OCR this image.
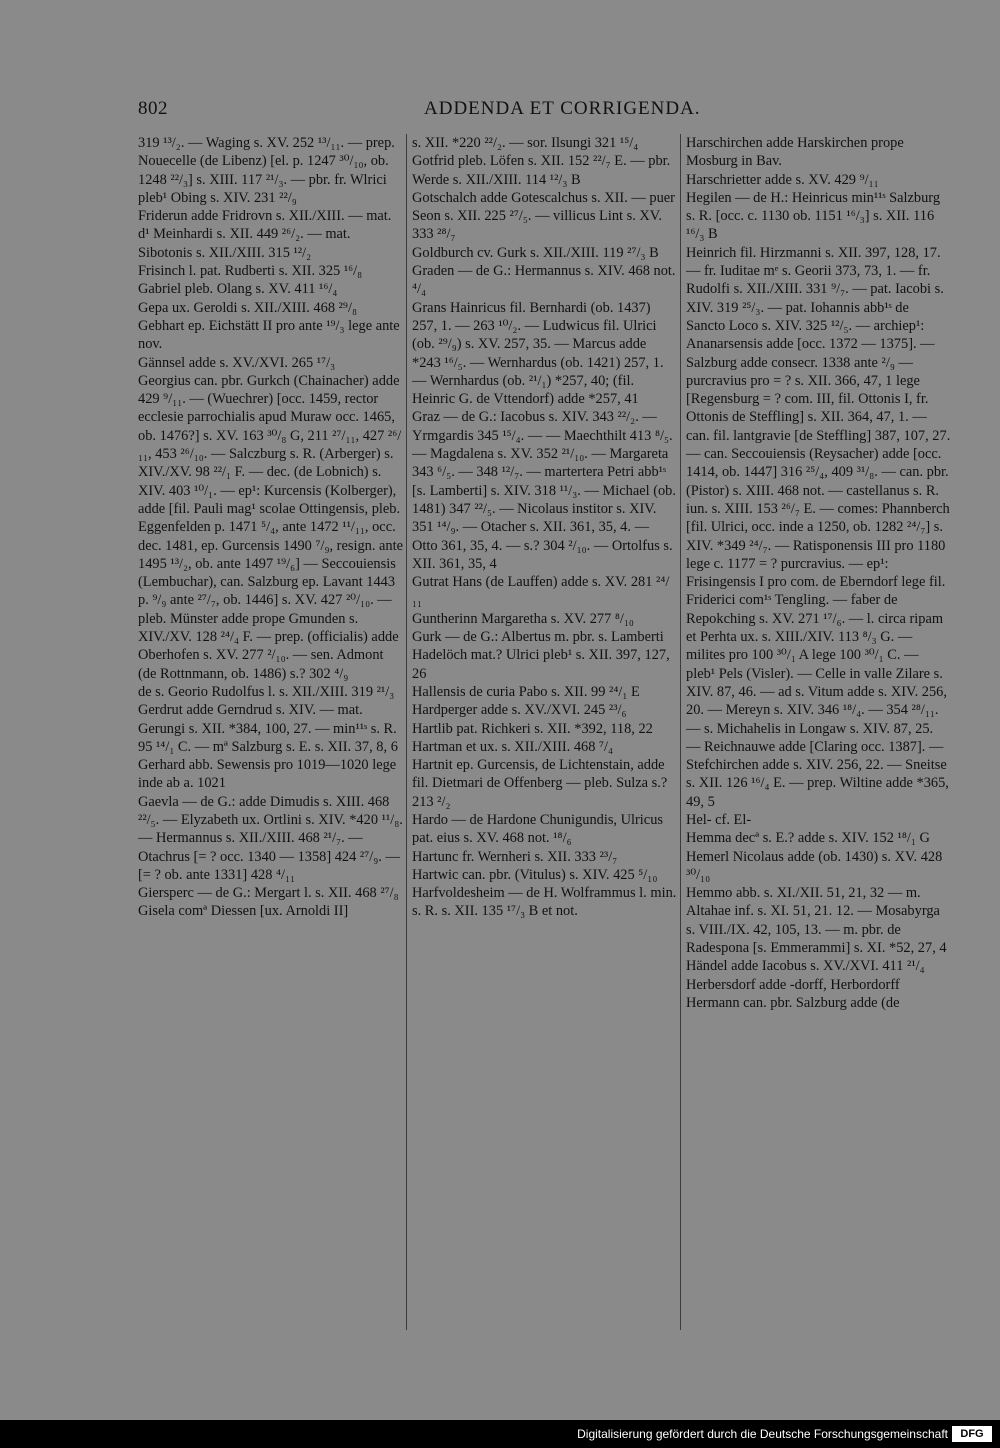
802	ADDENDA ET CORRIGENDA.

319 ¹³/₂. — Waging s. XV. 252 ¹³/₁₁. — prep. Nouecelle (de Libenz) [el. p. 1247 ³⁰/₁₀, ob. 1248 ²²/₃] s. XIII. 117 ²¹/₃. — pbr. fr. Wlrici pleb¹ Obing s. XIV. 231 ²²/₉

Friderun adde Fridrovn s. XII./XIII. — mat. d¹ Meinhardi s. XII. 449 ²⁶/₂. — mat. Sibotonis s. XII./XIII. 315 ¹²/₂

Frisinch l. pat. Rudberti s. XII. 325 ¹⁶/₈

Gabriel pleb. Olang s. XV. 411 ¹⁶/₄

Gepa ux. Geroldi s. XII./XIII. 468 ²⁹/₈

Gebhart ep. Eichstätt II pro ante ¹⁹/₃ lege ante nov.

Gännsel adde s. XV./XVI. 265 ¹⁷/₃

Georgius can. pbr. Gurkch (Chainacher) adde 429 ⁹/₁₁. — (Wuechrer) [occ. 1459, rector ecclesie parrochialis apud Muraw occ. 1465, ob. 1476?] s. XV. 163 ³⁰/₈ G, 211 ²⁷/₁₁, 427 ²⁶/₁₁, 453 ²⁶/₁₀. — Salczburg s. R. (Arberger) s. XIV./XV. 98 ²²/₁ F. — dec. (de Lobnich) s. XIV. 403 ¹⁰/₁. — ep¹: Kurcensis (Kolberger), adde [fil. Pauli mag¹ scolae Ottingensis, pleb. Eggenfelden p. 1471 ⁵/₄, ante 1472 ¹¹/₁₁, occ. dec. 1481, ep. Gurcensis 1490 ⁷/₉, resign. ante 1495 ¹³/₂, ob. ante 1497 ¹⁹/₆] — Seccouiensis (Lembuchar), can. Salzburg ep. Lavant 1443 p. ⁹/₉ ante ²⁷/₇, ob. 1446] s. XV. 427 ²⁰/₁₀. — pleb. Münster adde prope Gmunden s. XIV./XV. 128 ²⁴/₄ F. — prep. (officialis) adde Oberhofen s. XV. 277 ²/₁₀. — sen. Admont (de Rottnmann, ob. 1486) s.? 302 ⁴/₉

de s. Georio Rudolfus l. s. XII./XIII. 319 ²¹/₃

Gerdrut adde Gerndrud s. XIV. — mat. Gerungi s. XII. *384, 100, 27. — min¹¹ˢ s. R. 95 ¹⁴/₁ C. — mª Salzburg s. E. s. XII. 37, 8, 6

Gerhard abb. Sewensis pro 1019—1020 lege inde ab a. 1021

Gaevla — de G.: adde Dimudis s. XIII. 468 ²²/₅. — Elyzabeth ux. Ortlini s. XIV. *420 ¹¹/₈. — Hermannus s. XII./XIII. 468 ²¹/₇. — Otachrus [= ? occ. 1340 — 1358] 424 ²⁷/₉. — [= ? ob. ante 1331] 428 ⁴/₁₁

Giersperc — de G.: Mergart l. s. XII. 468 ²⁷/₈

Gisela comª Diessen [ux. Arnoldi II]

s. XII. *220 ²²/₂. — sor. Ilsungi 321 ¹⁵/₄

Gotfrid pleb. Löfen s. XII. 152 ²²/₇ E. — pbr. Werde s. XII./XIII. 114 ¹²/₃ B

Gotschalch adde Gotescalchus s. XII. — puer Seon s. XII. 225 ²⁷/₅. — villicus Lint s. XV. 333 ²⁸/₇

Goldburch cv. Gurk s. XII./XIII. 119 ²⁷/₃ B

Graden — de G.: Hermannus s. XIV. 468 not. ⁴/₄

Grans Hainricus fil. Bernhardi (ob. 1437) 257, 1. — 263 ¹⁰/₂. — Ludwicus fil. Ulrici (ob. ²⁹/₉) s. XV. 257, 35. — Marcus adde *243 ¹⁶/₅. — Wernhardus (ob. 1421) 257, 1. — Wernhardus (ob. ²¹/₁) *257, 40; (fil. Heinric G. de Vttendorf) adde *257, 41

Graz — de G.: Iacobus s. XIV. 343 ²²/₂. — Yrmgardis 345 ¹⁵/₄. — — Maechthilt 413 ⁸/₅. — Magdalena s. XV. 352 ²¹/₁₀. — Margareta 343 ⁶/₅. — 348 ¹²/₇. — martertera Petri abb¹ˢ [s. Lamberti] s. XIV. 318 ¹¹/₃. — Michael (ob. 1481) 347 ²²/₅. — Nicolaus institor s. XIV. 351 ¹⁴/₉. — Otacher s. XII. 361, 35, 4. — Otto 361, 35, 4. — s.? 304 ²/₁₀. — Ortolfus s. XII. 361, 35, 4

Gutrat Hans (de Lauffen) adde s. XV. 281 ²⁴/₁₁

Guntherinn Margaretha s. XV. 277 ⁸/₁₀

Gurk — de G.: Albertus m. pbr. s. Lamberti

Hadelöch mat.? Ulrici pleb¹ s. XII. 397, 127, 26

Hallensis de curia Pabo s. XII. 99 ²⁴/₁ E

Hardperger adde s. XV./XVI. 245 ²³/₆

Hartlib pat. Richkeri s. XII. *392, 118, 22

Hartman et ux. s. XII./XIII. 468 ⁷/₄

Hartnit ep. Gurcensis, de Lichtenstain, adde fil. Dietmari de Offenberg — pleb. Sulza s.? 213 ²/₂

Hardo — de Hardone Chunigundis, Ulricus pat. eius s. XV. 468 not. ¹⁸/₆

Hartunc fr. Wernheri s. XII. 333 ²³/₇

Hartwic can. pbr. (Vitulus) s. XIV. 425 ⁵/₁₀

Harfvoldesheim — de H. Wolframmus l. min. s. R. s. XII. 135 ¹⁷/₃ B et not.

Harschirchen adde Harskirchen prope Mosburg in Bav.

Harschrietter adde s. XV. 429 ⁹/₁₁

Hegilen — de H.: Heinricus min¹¹ˢ Salzburg s. R. [occ. c. 1130 ob. 1151 ¹⁶/₃] s. XII. 116 ¹⁶/₃ B

Heinrich fil. Hirzmanni s. XII. 397, 128, 17. — fr. Iuditae mᵉ s. Georii 373, 73, 1. — fr. Rudolfi s. XII./XIII. 331 ⁹/₇. — pat. Iacobi s. XIV. 319 ²⁵/₃. — pat. Iohannis abb¹ˢ de Sancto Loco s. XIV. 325 ¹²/₅. — archiep¹: Ananarsensis adde [occ. 1372 — 1375]. — Salzburg adde consecr. 1338 ante ²/₉ — purcravius pro = ? s. XII. 366, 47, 1 lege [Regensburg = ? com. III, fil. Ottonis I, fr. Ottonis de Steffling] s. XII. 364, 47, 1. — can. fil. lantgravie [de Steffling] 387, 107, 27. — can. Seccouiensis (Reysacher) adde [occ. 1414, ob. 1447] 316 ²⁵/₄, 409 ³¹/₈. — can. pbr. (Pistor) s. XIII. 468 not. — castellanus s. R. iun. s. XIII. 153 ²⁶/₇ E. — comes: Phannberch [fil. Ulrici, occ. inde a 1250, ob. 1282 ²⁴/₇] s. XIV. *349 ²⁴/₇. — Ratisponensis III pro 1180 lege c. 1177 = ? purcravius. — ep¹: Frisingensis I pro com. de Eberndorf lege fil. Friderici com¹ˢ Tengling. — faber de Repokching s. XV. 271 ¹⁷/₆. — l. circa ripam et Perhta ux. s. XIII./XIV. 113 ⁸/₃ G. — milites pro 100 ³⁰/₁ A lege 100 ³⁰/₁ C. — pleb¹ Pels (Visler). — Celle in valle Zilare s. XIV. 87, 46. — ad s. Vitum adde s. XIV. 256, 20. — Mereyn s. XIV. 346 ¹⁸/₄. — 354 ²⁸/₁₁. — s. Michahelis in Longaw s. XIV. 87, 25. — Reichnauwe adde [Claring occ. 1387]. — Stefchirchen adde s. XIV. 256, 22. — Sneitse s. XII. 126 ¹⁶/₄ E. — prep. Wiltine adde *365, 49, 5

Hel- cf. El-

Hemma decª s. E.? adde s. XIV. 152 ¹⁸/₁ G

Hemerl Nicolaus adde (ob. 1430) s. XV. 428 ³⁰/₁₀

Hemmo abb. s. XI./XII. 51, 21, 32 — m. Altahae inf. s. XI. 51, 21. 12. — Mosabyrga s. VIII./IX. 42, 105, 13. — m. pbr. de Radespona [s. Emmerammi] s. XI. *52, 27, 4

Händel adde Iacobus s. XV./XVI. 411 ²¹/₄

Herbersdorf adde -dorff, Herbordorff

Hermann can. pbr. Salzburg adde (de

Digitalisierung gefördert durch die Deutsche Forschungsgemeinschaft	DFG
